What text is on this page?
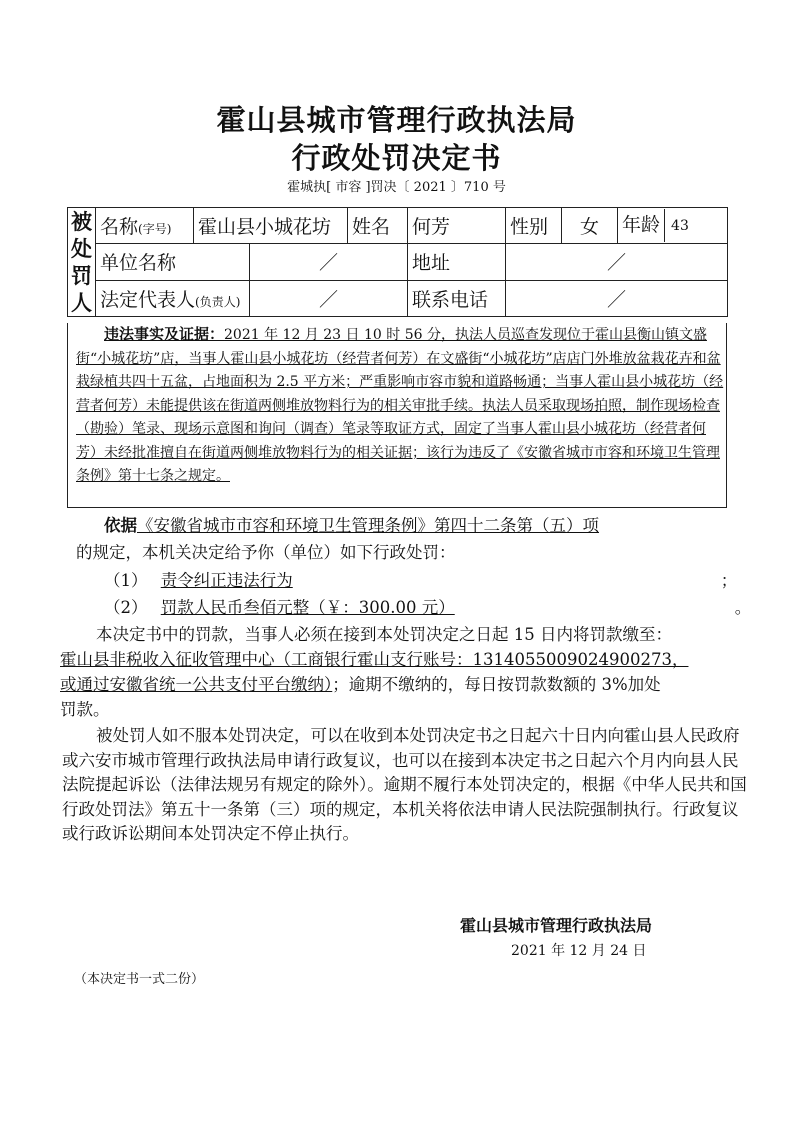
霍山县城市管理行政执法局
行政处罚决定书
霍城执[ 市容 ]罚决〔 2021 〕710 号
被
处
罚
人	名称(字号)	霍山县小城花坊		姓名	何芳	性别	女	年龄 43

	单位名称		／		地址	／		
	法定代表人(负责人)		／		联系电话	／		

违法事实及证据：2021 年 12 月 23 日 10 时 56 分，执法人员巡查发现位于霍山县衡山镇文盛街“小城花坊”店，当事人霍山县小城花坊（经营者何芳）在文盛街“小城花坊”店店门外堆放盆栽花卉和盆栽绿植共四十五盆，占地面积为 2.5 平方米；严重影响市容市貌和道路畅通；当事人霍山县小城花坊（经营者何芳）未能提供该在街道两侧堆放物料行为的相关审批手续。执法人员采取现场拍照，制作现场检查（勘验）笔录、现场示意图和询问（调查）笔录等取证方式，固定了当事人霍山县小城花坊（经营者何芳）未经批准擅自在街道两侧堆放物料行为的相关证据；该行为违反了《安徽省城市市容和环境卫生管理条例》第十七条之规定。

依据《安徽省城市市容和环境卫生管理条例》第四十二条第（五）项
的规定，本机关决定给予你（单位）如下行政处罚：
（1） 责令纠正违法行为	；
（2） 罚款人民币叁佰元整（￥：300.00 元）	。
本决定书中的罚款，当事人必须在接到本处罚决定之日起 15 日内将罚款缴至：
霍山县非税收入征收管理中心（工商银行霍山支行账号：1314055009024900273，
或通过安徽省统一公共支付平台缴纳）；逾期不缴纳的，每日按罚款数额的 3%加处
罚款。
被处罚人如不服本处罚决定，可以在收到本处罚决定书之日起六十日内向霍山县人民政府或六安市城市管理行政执法局申请行政复议，也可以在接到本决定书之日起六个月内向县人民法院提起诉讼（法律法规另有规定的除外）。逾期不履行本处罚决定的，根据《中华人民共和国行政处罚法》第五十一条第（三）项的规定，本机关将依法申请人民法院强制执行。行政复议或行政诉讼期间本处罚决定不停止执行。
霍山县城市管理行政执法局
2021 年 12 月 24 日
（本决定书一式二份）
